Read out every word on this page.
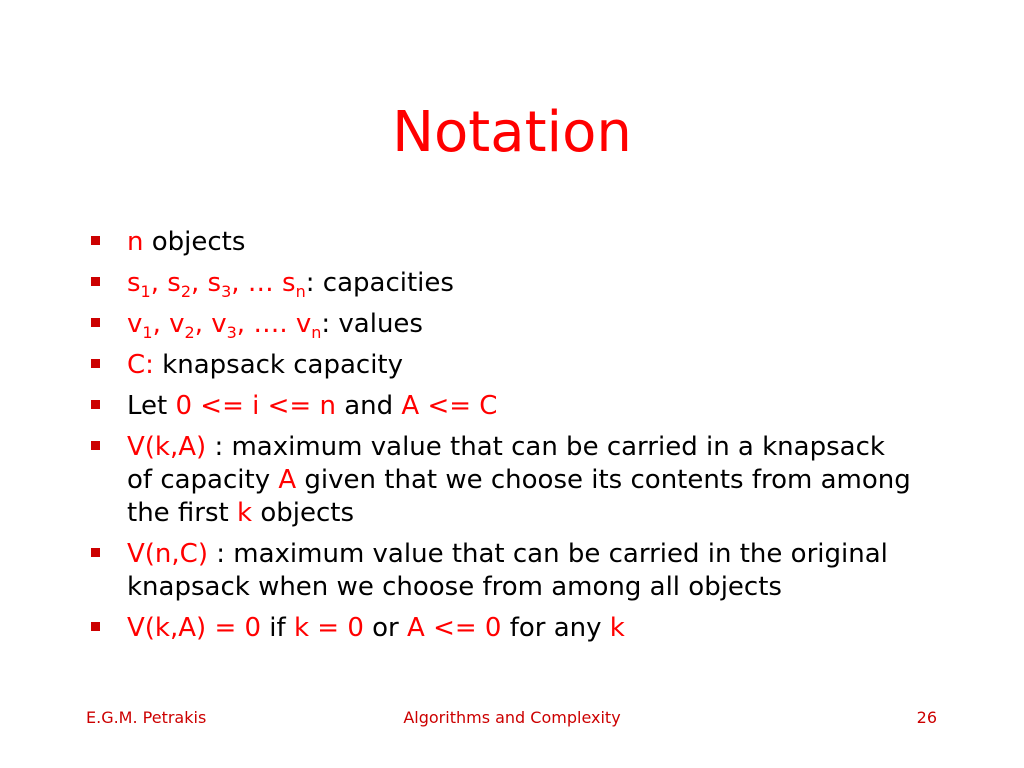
Notation
n objects
$s_1$, $s_2$, $s_3$, … $s_n$: capacities
$v_1$, $v_2$, $v_3$, …. $v_n$: values
C: knapsack capacity
Let 0 <= i <= n and A <= C
V(k,A) : maximum value that can be carried in a knapsack of capacity A given that we choose its contents from among the first k objects
V(n,C) : maximum value that can be carried in the original knapsack when we choose from among all objects
V(k,A) = 0 if k = 0 or A <= 0 for any k
E.G.M. Petrakis	Algorithms and Complexity	26
